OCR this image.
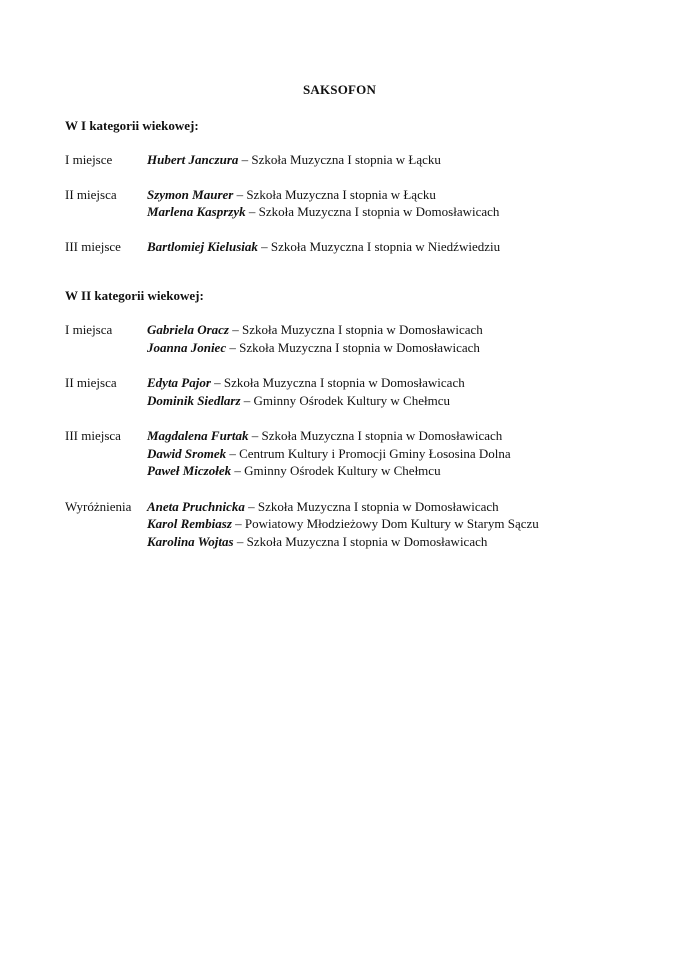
SAKSOFON
W I kategorii wiekowej:
I miejsce	Hubert Janczura – Szkoła Muzyczna I stopnia w Łącku
II miejsca	Szymon Maurer – Szkoła Muzyczna I stopnia w Łącku
Marlena Kasprzyk – Szkoła Muzyczna I stopnia w Domosławicach
III miejsce	Bartlomiej Kielusiak – Szkoła Muzyczna I stopnia w Niedźwiedziu
W II kategorii wiekowej:
I miejsca	Gabriela Oracz – Szkoła Muzyczna I stopnia w Domosławicach
Joanna Joniec – Szkoła Muzyczna I stopnia w Domosławicach
II miejsca	Edyta Pajor – Szkoła Muzyczna I stopnia w Domosławicach
Dominik Siedlarz – Gminny Ośrodek Kultury w Chełmcu
III miejsca	Magdalena Furtak – Szkoła Muzyczna I stopnia w Domosławicach
Dawid Sromek – Centrum Kultury i Promocji Gminy Łososina Dolna
Paweł Miczołek – Gminny Ośrodek Kultury w Chełmcu
Wyróżnienia	Aneta Pruchnicka – Szkoła Muzyczna I stopnia w Domosławicach
Karol Rembiasz – Powiatowy Młodzieżowy Dom Kultury w Starym Sączu
Karolina Wojtas – Szkoła Muzyczna I stopnia w Domosławicach
